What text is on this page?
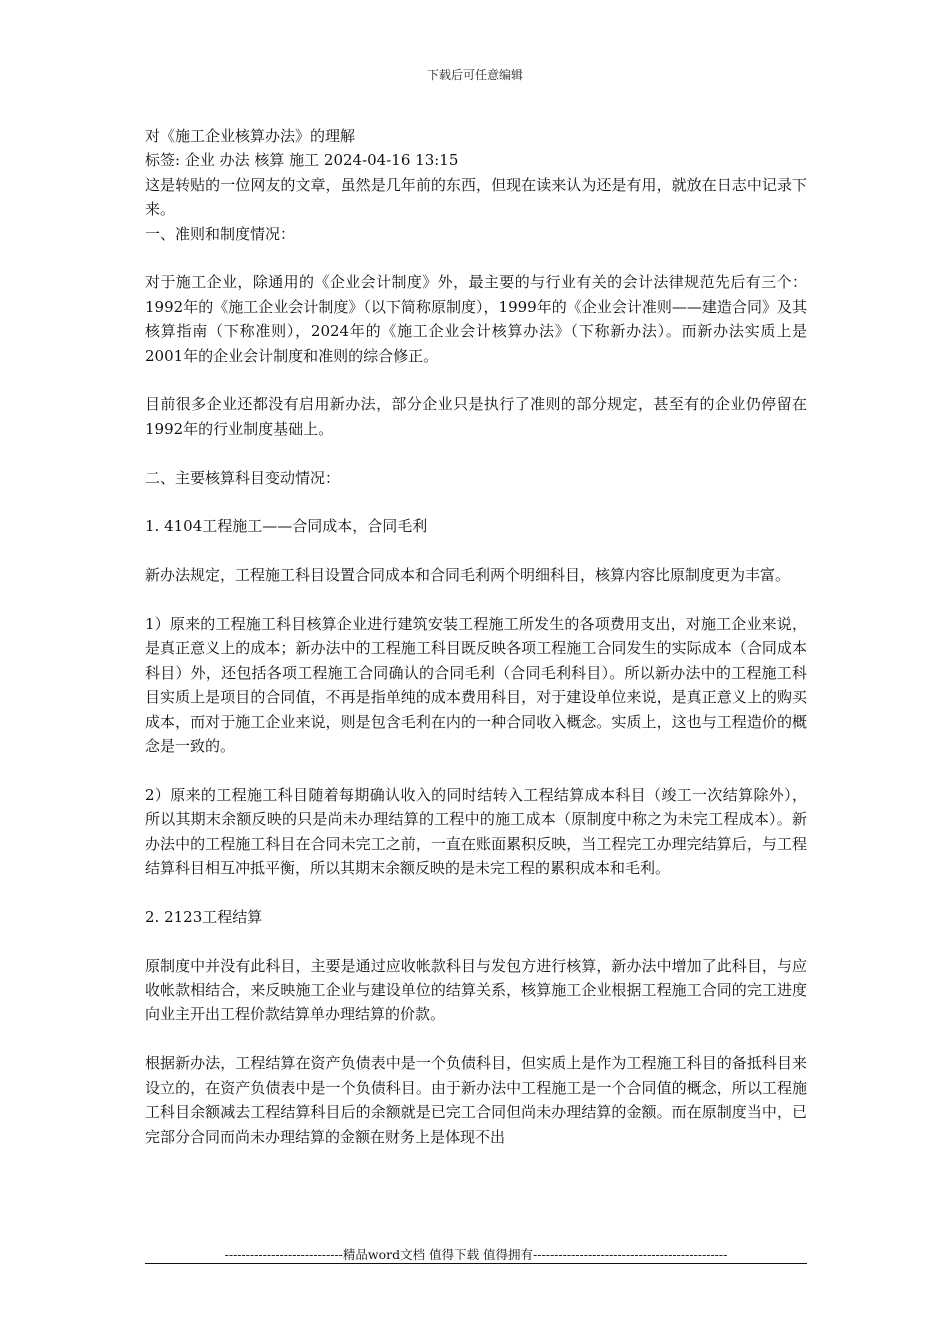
下载后可任意编辑

对《施工企业核算办法》的理解

标签: 企业 办法 核算 施工 2024-04-16 13:15

这是转贴的一位网友的文章，虽然是几年前的东西，但现在读来认为还是有用，就放在日志中记录下来。

一、准则和制度情况：

对于施工企业，除通用的《企业会计制度》外，最主要的与行业有关的会计法律规范先后有三个：1992年的《施工企业会计制度》（以下简称原制度），1999年的《企业会计准则——建造合同》及其核算指南（下称准则），2024年的《施工企业会计核算办法》（下称新办法）。而新办法实质上是2001年的企业会计制度和准则的综合修正。

目前很多企业还都没有启用新办法，部分企业只是执行了准则的部分规定，甚至有的企业仍停留在1992年的行业制度基础上。

二、主要核算科目变动情况：

1. 4104工程施工——合同成本，合同毛利

新办法规定，工程施工科目设置合同成本和合同毛利两个明细科目，核算内容比原制度更为丰富。

1）原来的工程施工科目核算企业进行建筑安装工程施工所发生的各项费用支出，对施工企业来说，是真正意义上的成本；新办法中的工程施工科目既反映各项工程施工合同发生的实际成本（合同成本科目）外，还包括各项工程施工合同确认的合同毛利（合同毛利科目）。所以新办法中的工程施工科目实质上是项目的合同值，不再是指单纯的成本费用科目，对于建设单位来说，是真正意义上的购买成本，而对于施工企业来说，则是包含毛利在内的一种合同收入概念。实质上，这也与工程造价的概念是一致的。

2）原来的工程施工科目随着每期确认收入的同时结转入工程结算成本科目（竣工一次结算除外），所以其期末余额反映的只是尚未办理结算的工程中的施工成本（原制度中称之为未完工程成本）。新办法中的工程施工科目在合同未完工之前，一直在账面累积反映，当工程完工办理完结算后，与工程结算科目相互冲抵平衡，所以其期末余额反映的是未完工程的累积成本和毛利。

2. 2123工程结算

原制度中并没有此科目，主要是通过应收帐款科目与发包方进行核算，新办法中增加了此科目，与应收帐款相结合，来反映施工企业与建设单位的结算关系，核算施工企业根据工程施工合同的完工进度向业主开出工程价款结算单办理结算的价款。

根据新办法，工程结算在资产负债表中是一个负债科目，但实质上是作为工程施工科目的备抵科目来设立的，在资产负债表中是一个负债科目。由于新办法中工程施工是一个合同值的概念，所以工程施工科目余额减去工程结算科目后的余额就是已完工合同但尚未办理结算的金额。而在原制度当中，已完部分合同而尚未办理结算的金额在财务上是体现不出

----------------------------精品word文档 值得下载 值得拥有----------------------------------------------
